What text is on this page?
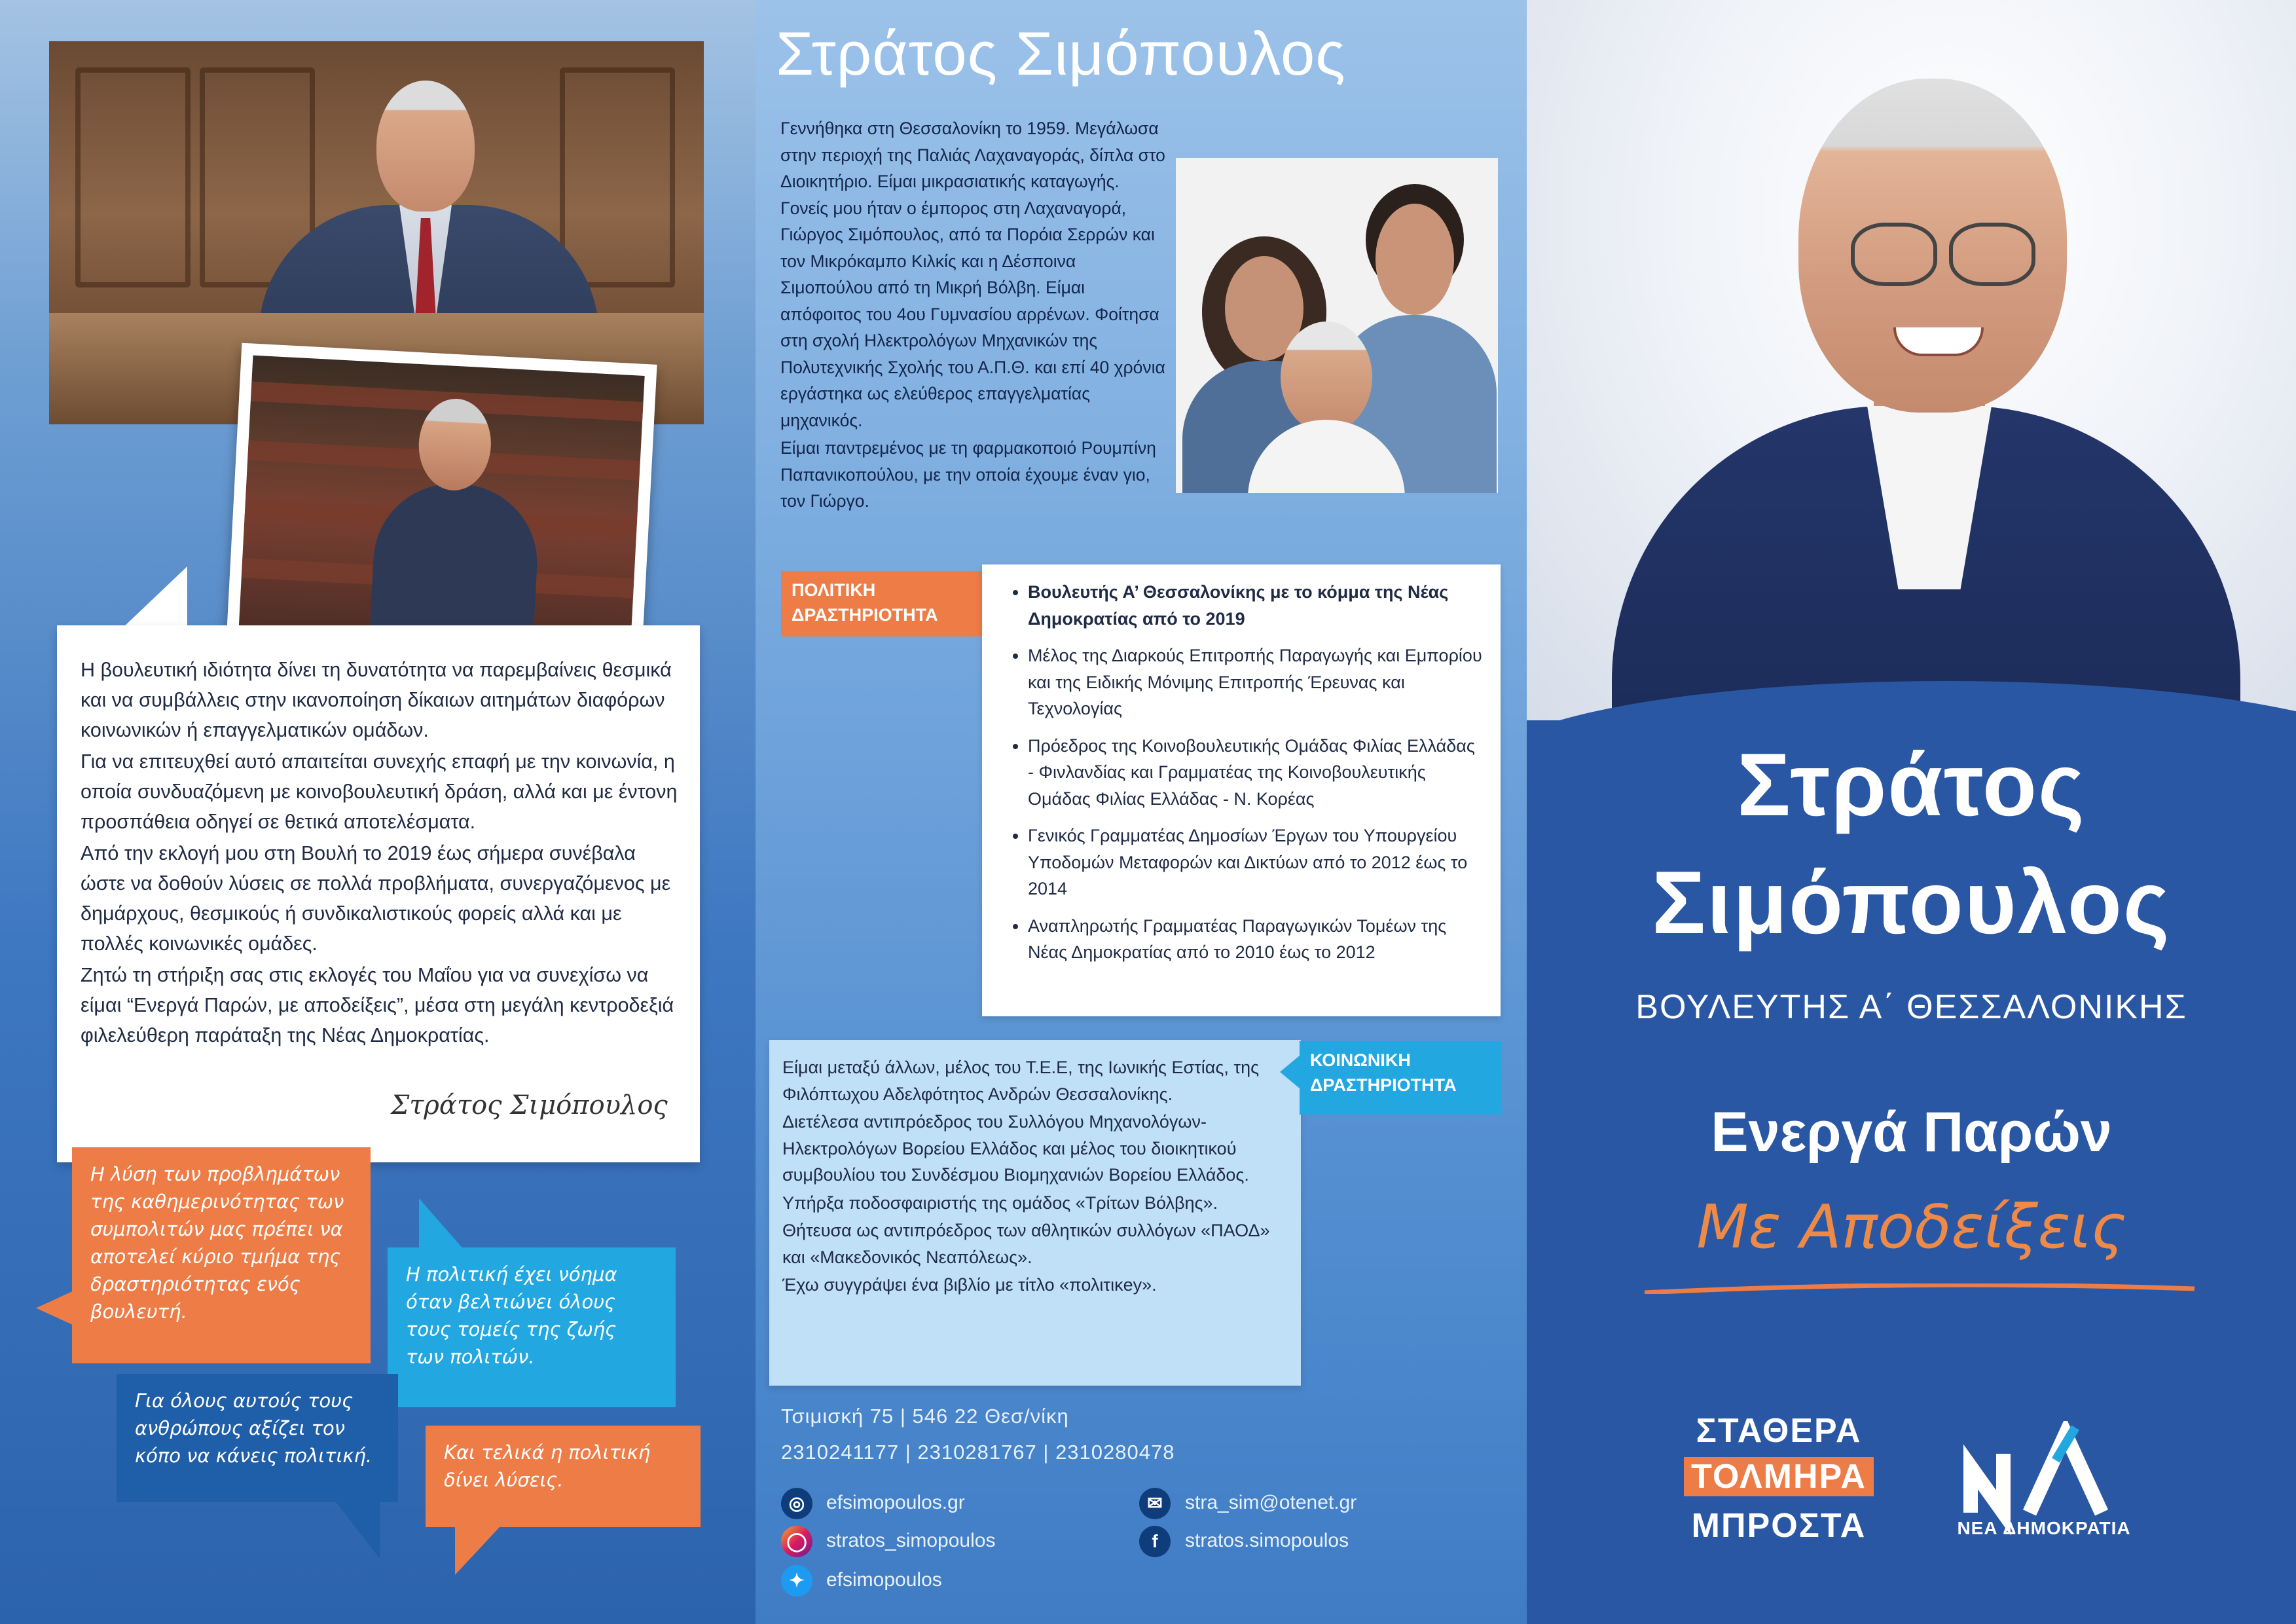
Η βουλευτική ιδιότητα δίνει τη δυνατότητα να παρεμβαίνεις θεσμικά και να συμβάλλεις στην ικανοποίηση δίκαιων αιτημάτων διαφόρων κοινωνικών ή επαγγελματικών ομάδων.

Για να επιτευχθεί αυτό απαιτείται συνεχής επαφή με την κοινωνία, η οποία συνδυαζόμενη με κοινοβουλευτική δράση, αλλά και με έντονη προσπάθεια οδηγεί σε θετικά αποτελέσματα.

Από την εκλογή μου στη Βουλή το 2019 έως σήμερα συνέβαλα ώστε να δοθούν λύσεις σε πολλά προβλήματα, συνεργαζόμενος με δημάρχους, θεσμικούς ή συνδικαλιστικούς φορείς αλλά και με πολλές κοινωνικές ομάδες.

Ζητώ τη στήριξη σας στις εκλογές του Μαΐου για να συνεχίσω να είμαι “Ενεργά Παρών, με αποδείξεις”, μέσα στη μεγάλη κεντροδεξιά φιλελεύθερη παράταξη της Νέας Δημοκρατίας.

Στράτος Σιμόπουλος
Η λύση των προβλημάτων της καθημερινότητας των συμπολιτών μας πρέπει να αποτελεί κύριο τμήμα της δραστηριότητας ενός βουλευτή.
Η πολιτική έχει νόημα όταν βελτιώνει όλους τους τομείς της ζωής των πολιτών.
Για όλους αυτούς τους ανθρώπους αξίζει τον κόπο να κάνεις πολιτική.	Και τελικά η πολιτική δίνει λύσεις.
Στράτος Σιμόπουλος

Γεννήθηκα στη Θεσσαλονίκη το 1959. Μεγάλωσα στην περιοχή της Παλιάς Λαχαναγοράς, δίπλα στο Διοικητήριο. Είμαι μικρασιατικής καταγωγής. Γονείς μου ήταν ο έμπορος στη Λαχαναγορά, Γιώργος Σιμόπουλος, από τα Πορόια Σερρών και τον Μικρόκαμπο Κιλκίς και η Δέσποινα Σιμοπούλου από τη Μικρή Βόλβη. Είμαι απόφοιτος του 4ου Γυμνασίου αρρένων. Φοίτησα στη σχολή Ηλεκτρολόγων Μηχανικών της Πολυτεχνικής Σχολής του Α.Π.Θ. και επί 40 χρόνια εργάστηκα ως ελεύθερος επαγγελματίας μηχανικός.

Είμαι παντρεμένος με τη φαρμακοποιό Ρουμπίνη Παπανικοπούλου, με την οποία έχουμε έναν γιο, τον Γιώργο.

ΠΟΛΙΤΙΚΗ ΔΡΑΣΤΗΡΙΟΤΗΤΑ
• Βουλευτής Α’ Θεσσαλονίκης με το κόμμα της Νέας Δημοκρατίας από το 2019
• Μέλος της Διαρκούς Επιτροπής Παραγωγής και Εμπορίου και της Ειδικής Μόνιμης Επιτροπής Έρευνας και Τεχνολογίας
• Πρόεδρος της Κοινοβουλευτικής Ομάδας Φιλίας Ελλάδας - Φινλανδίας και Γραμματέας της Κοινοβουλευτικής Ομάδας Φιλίας Ελλάδας - Ν. Κορέας
• Γενικός Γραμματέας Δημοσίων Έργων του Υπουργείου Υποδομών Μεταφορών και Δικτύων από το 2012 έως το 2014
• Αναπληρωτής Γραμματέας Παραγωγικών Τομέων της Νέας Δημοκρατίας από το 2010 έως το 2012

Είμαι μεταξύ άλλων, μέλος του Τ.Ε.Ε, της Ιωνικής Εστίας, της Φιλόπτωχου Αδελφότητος Ανδρών Θεσσαλονίκης.

Διετέλεσα αντιπρόεδρος του Συλλόγου Μηχανολόγων-Ηλεκτρολόγων Βορείου Ελλάδος και μέλος του διοικητικού συμβουλίου του Συνδέσμου Βιομηχανιών Βορείου Ελλάδος.

Υπήρξα ποδοσφαιριστής της ομάδος «Τρίτων Βόλβης».

Θήτευσα ως αντιπρόεδρος των αθλητικών συλλόγων «ΠΑΟΔ» και «Μακεδονικός Νεαπόλεως».

Έχω συγγράψει ένα βιβλίο με τίτλο «πολιτικey».

ΚΟΙΝΩΝΙΚΗ ΔΡΑΣΤΗΡΙΟΤΗΤΑ
Τσιμισκή 75 | 546 22 Θεσ/νίκη
2310241177 | 2310281767 | 2310280478
◎	efsimopoulos.gr	✉	stra_sim@otenet.gr
◯ stratos_simopoulos	f	stratos.simopoulos
✦	efsimopoulos
Στράτος
Σιμόπουλος
ΒΟΥΛΕΥΤΗΣ Α΄ ΘΕΣΣΑΛΟΝΙΚΗΣ
Ενεργά Παρών
Με Αποδείξεις
ΣΤΑΘΕΡΑ
ΤΟΛΜΗΡΑ
ΜΠΡΟΣΤΑ	ΝΕΑ ΔΗΜΟΚΡΑΤΙΑ
